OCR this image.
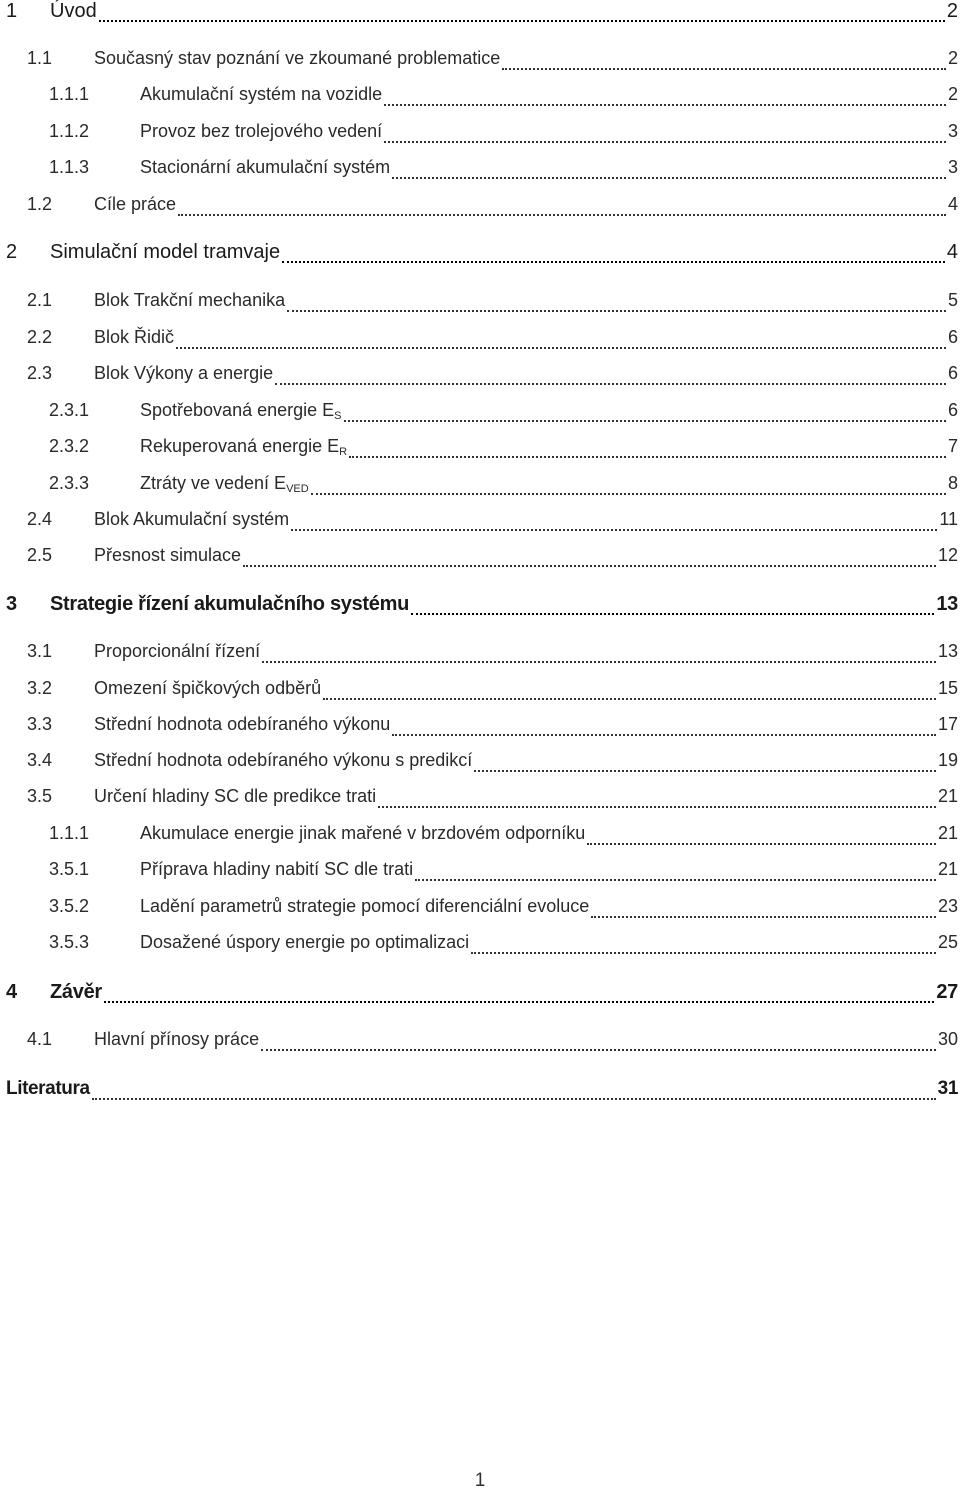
1	Úvod	2
1.1	Současný stav poznání ve zkoumané problematice	2
1.1.1	Akumulační systém na vozidle	2
1.1.2	Provoz bez trolejového vedení	3
1.1.3	Stacionární akumulační systém	3
1.2	Cíle práce	4
2	Simulační model tramvaje	4
2.1	Blok Trakční mechanika	5
2.2	Blok Řidič	6
2.3	Blok Výkony a energie	6
2.3.1	Spotřebovaná energie $E_S$	6
2.3.2	Rekuperovaná energie $E_R$	7
2.3.3	Ztráty ve vedení $E_{VED}$	8
2.4	Blok Akumulační systém	11
2.5	Přesnost simulace	12
3	Strategie řízení akumulačního systému	13
3.1	Proporcionální řízení	13
3.2	Omezení špičkových odběrů	15
3.3	Střední hodnota odebíraného výkonu	17
3.4	Střední hodnota odebíraného výkonu s predikcí	19
3.5	Určení hladiny SC dle predikce trati	21
1.1.1	Akumulace energie jinak mařené v brzdovém odporníku	21
3.5.1	Příprava hladiny nabití SC dle trati	21
3.5.2	Ladění parametrů strategie pomocí diferenciální evoluce	23
3.5.3	Dosažené úspory energie po optimalizaci	25
4	Závěr	27
4.1	Hlavní přínosy práce	30
Literatura	31
1
